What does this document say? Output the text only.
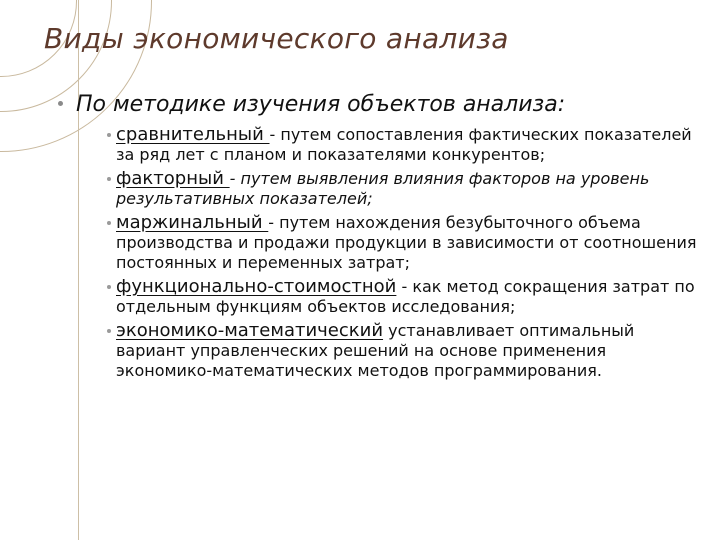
Виды экономического анализа
По методике изучения объектов анализа:
сравнительный - путем сопоставления фактических показателей за ряд лет с планом и показателями конкурентов;
факторный - путем выявления влияния факторов на уровень результативных показателей;
маржинальный - путем нахождения безубыточного объема производства и продажи продукции в зависимости от соотношения постоянных и переменных затрат;
функционально-стоимостной - как метод сокращения затрат по отдельным функциям объектов исследования;
экономико-математический устанавливает оптимальный вариант управленческих решений на основе применения экономико-математических методов программирования.
